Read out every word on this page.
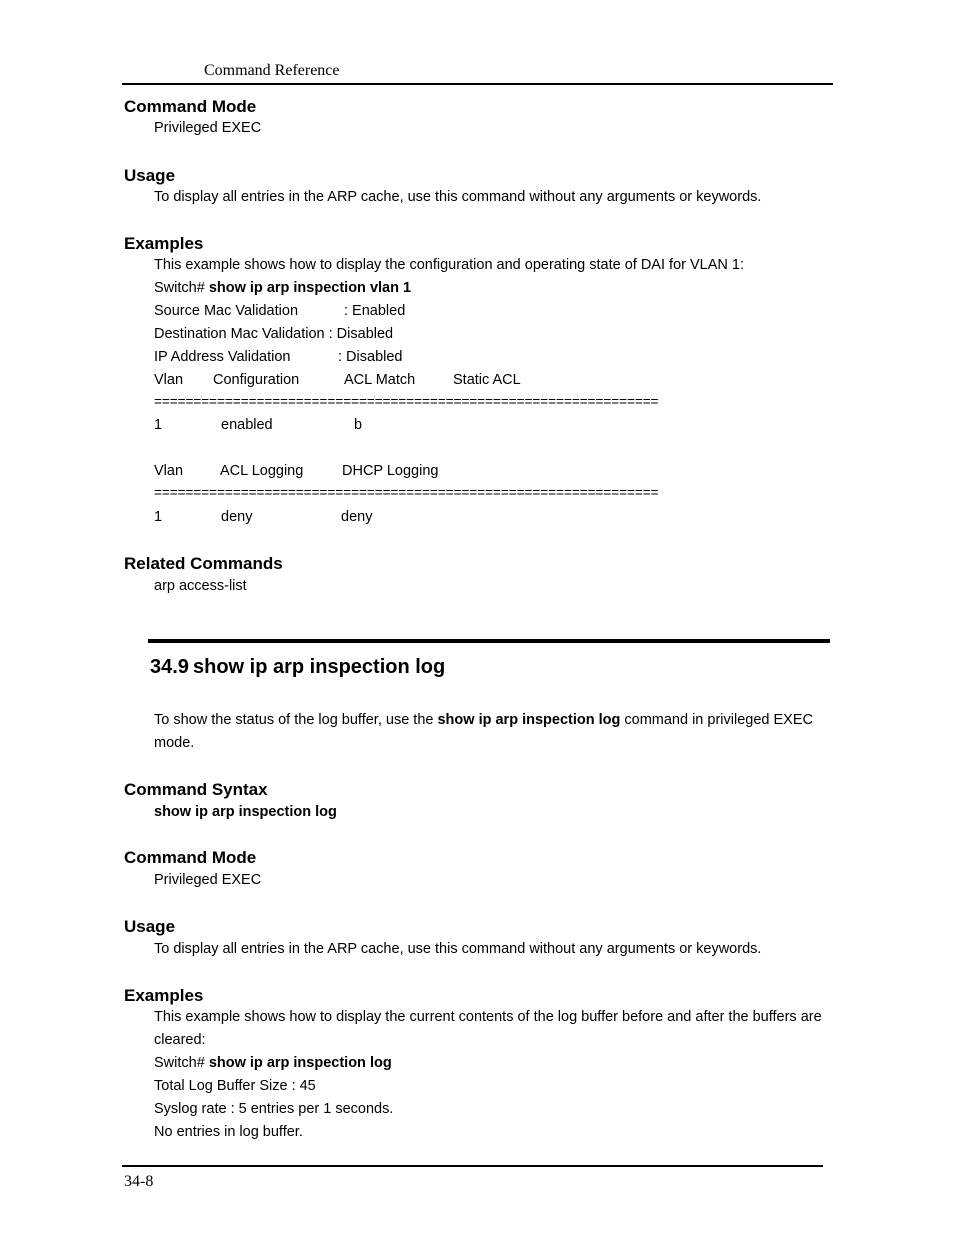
Command Reference
Command Mode
Privileged EXEC
Usage
To display all entries in the ARP cache, use this command without any arguments or keywords.
Examples
This example shows how to display the configuration and operating state of DAI for VLAN 1:
Switch# show ip arp inspection vlan 1
Source Mac Validation	: Enabled
Destination Mac Validation : Disabled
IP Address Validation	: Disabled
Vlan Configuration	ACL Match	Static ACL
================================================================
1	enabled	b
Vlan	ACL Logging	DHCP Logging
================================================================
1	deny	deny
Related Commands
arp access-list
34.9 show ip arp inspection log
To show the status of the log buffer, use the show ip arp inspection log command in privileged EXEC
mode.
Command Syntax
show ip arp inspection log
Command Mode
Privileged EXEC
Usage
To display all entries in the ARP cache, use this command without any arguments or keywords.
Examples
This example shows how to display the current contents of the log buffer before and after the buffers are
cleared:
Switch# show ip arp inspection log
Total Log Buffer Size : 45
Syslog rate : 5 entries per 1 seconds.
No entries in log buffer.
34-8
